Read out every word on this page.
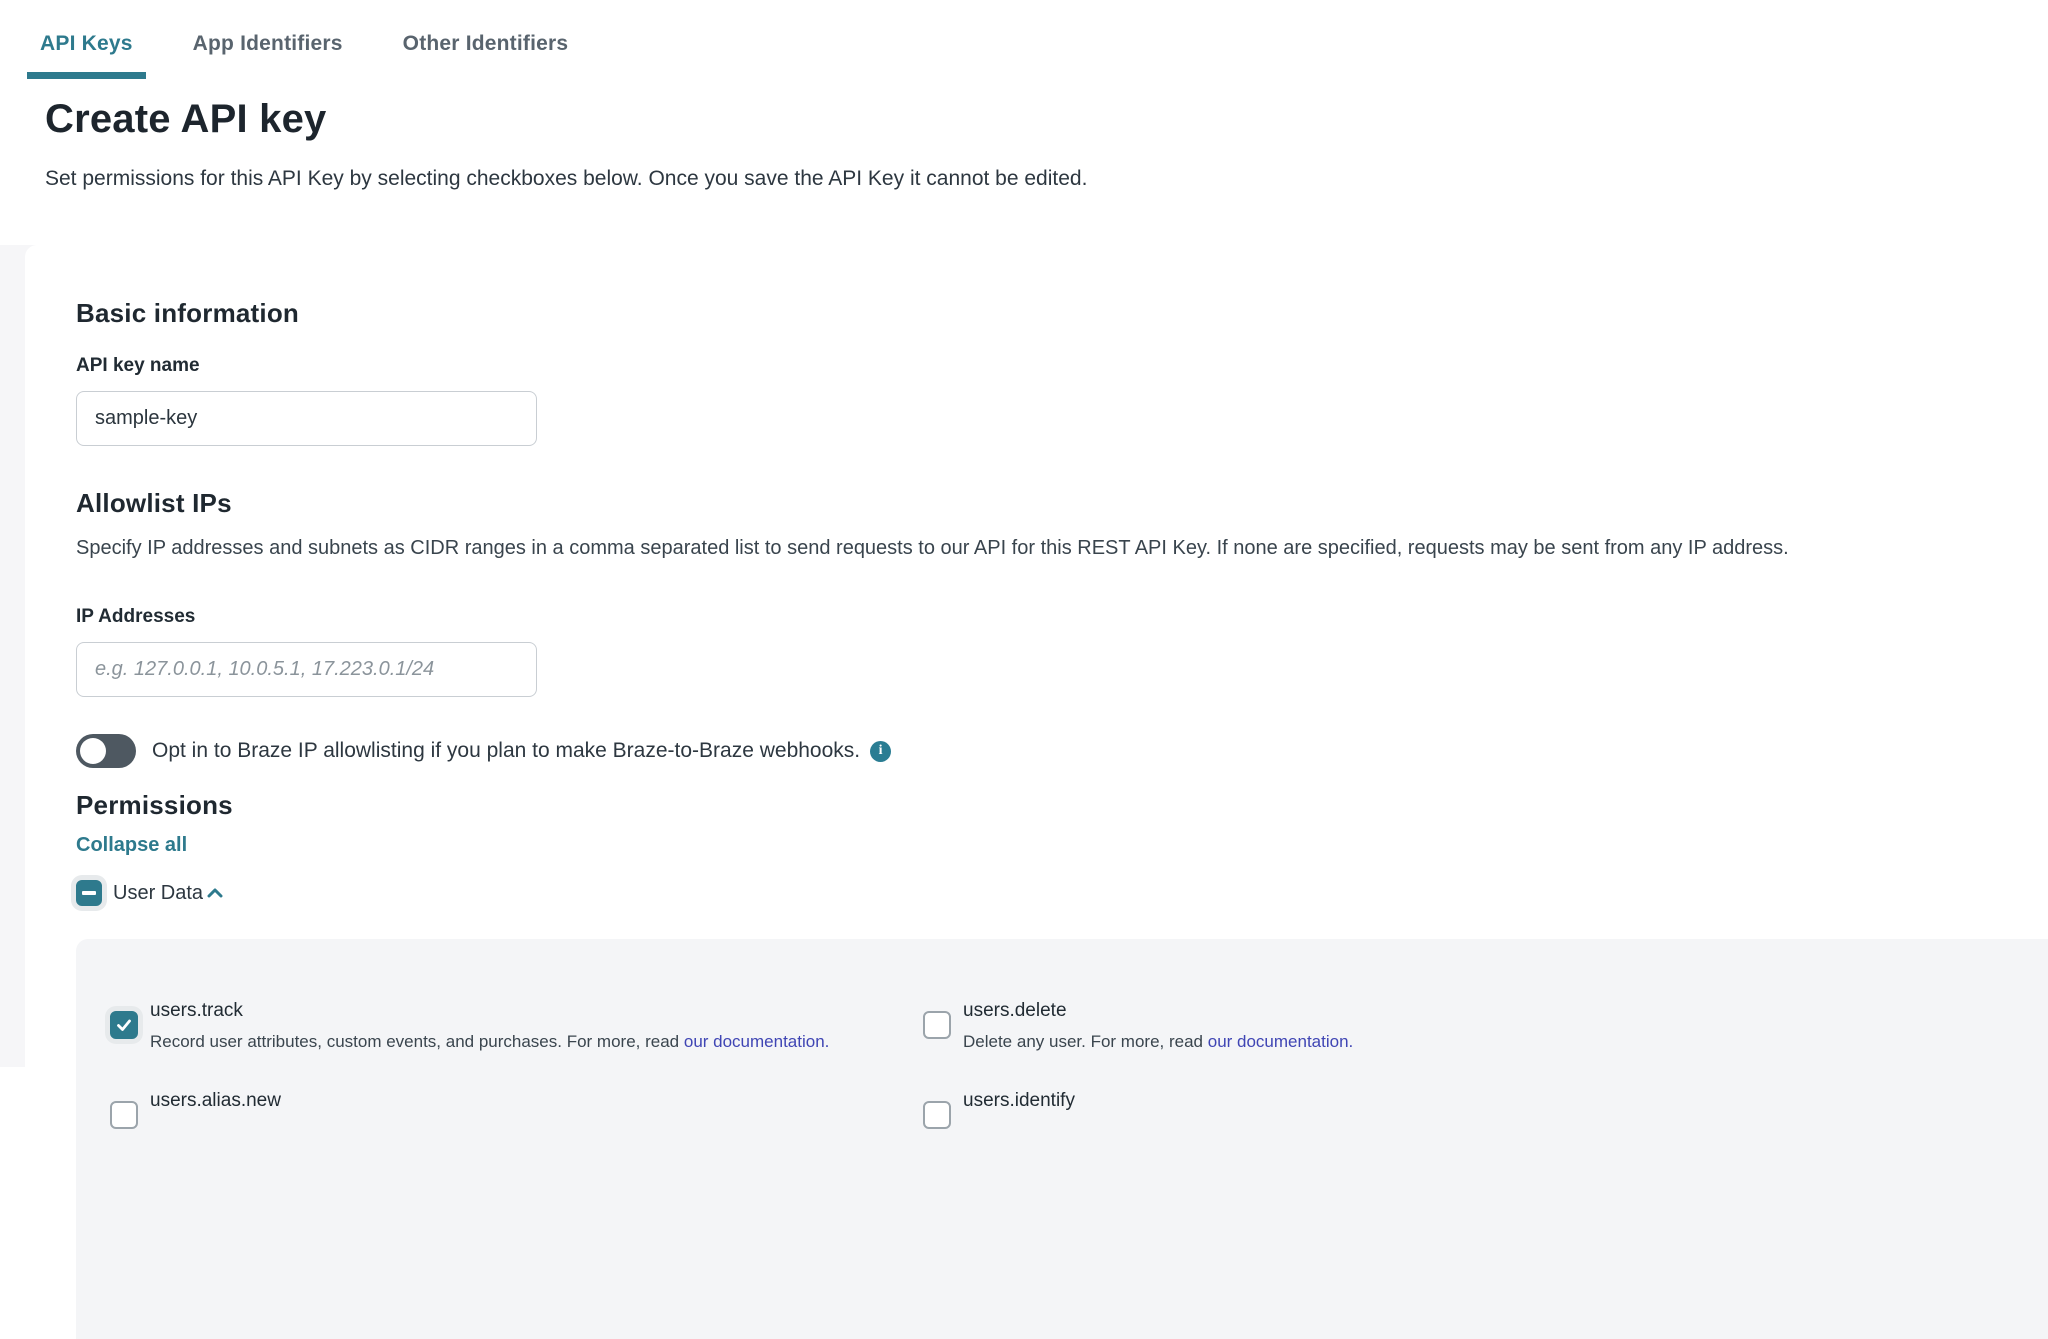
API Keys	App Identifiers	Other Identifiers
Create API key
Set permissions for this API Key by selecting checkboxes below. Once you save the API Key it cannot be edited.
Basic information
API key name
sample-key
Allowlist IPs

Specify IP addresses and subnets as CIDR ranges in a comma separated list to send requests to our API for this REST API Key. If none are specified, requests may be sent from any IP address.

IP Addresses
e.g. 127.0.0.1, 10.0.5.1, 17.223.0.1/24
Opt in to Braze IP allowlisting if you plan to make Braze-to-Braze webhooks.	i
Permissions
Collapse all
User Data
users.track
Record user attributes, custom events, and purchases. For more, read our documentation.
users.delete
Delete any user. For more, read our documentation.
users.alias.new	users.identify
